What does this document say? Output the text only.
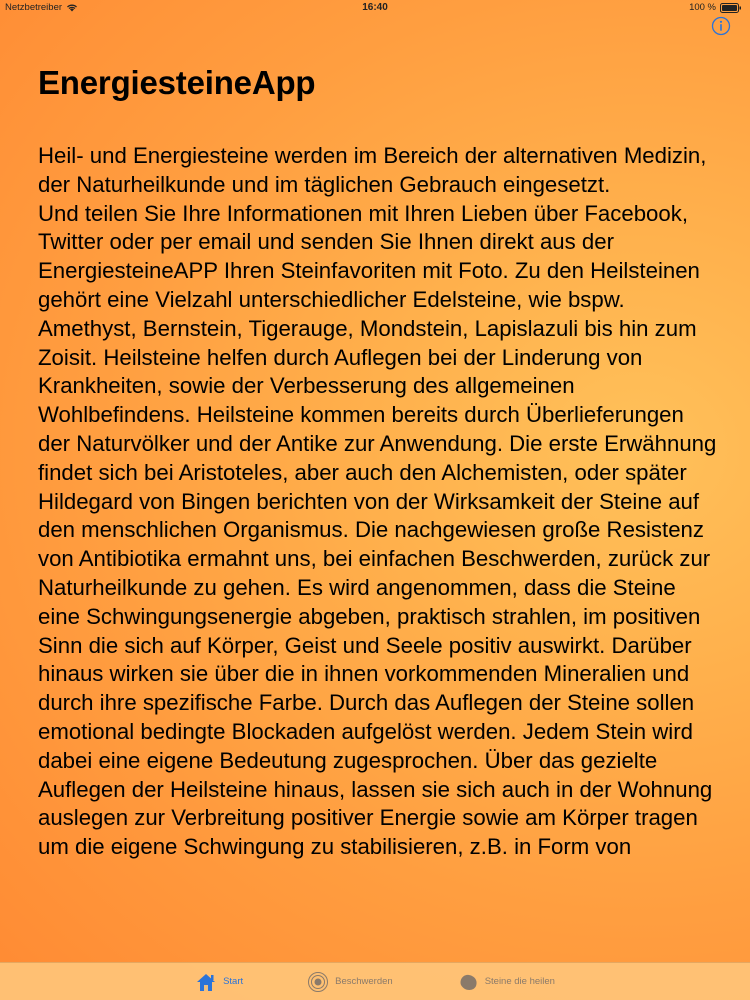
Netzbetreiber	16:40	100 %
EnergiesteineApp

Heil- und Energiesteine werden im Bereich der alternativen Medizin, der Naturheilkunde und im täglichen Gebrauch eingesetzt.
Und teilen Sie Ihre Informationen mit Ihren Lieben über Facebook, Twitter oder per email und senden Sie Ihnen direkt aus der EnergiesteineAPP Ihren Steinfavoriten mit Foto. Zu den Heilsteinen gehört eine Vielzahl unterschiedlicher Edelsteine, wie bspw. Amethyst, Bernstein, Tigerauge, Mondstein, Lapislazuli bis hin zum Zoisit. Heilsteine helfen durch Auflegen bei der Linderung von Krankheiten, sowie der Verbesserung des allgemeinen Wohlbefindens. Heilsteine kommen bereits durch Überlieferungen der Naturvölker und der Antike zur Anwendung. Die erste Erwähnung findet sich bei Aristoteles, aber auch den Alchemisten, oder später Hildegard von Bingen berichten von der Wirksamkeit der Steine auf den menschlichen Organismus. Die nachgewiesen große Resistenz von Antibiotika ermahnt uns, bei einfachen Beschwerden, zurück zur Naturheilkunde zu gehen. Es wird angenommen, dass die Steine eine Schwingungsenergie abgeben, praktisch strahlen, im positiven Sinn die sich auf Körper, Geist und Seele positiv auswirkt. Darüber hinaus wirken sie über die in ihnen vorkommenden Mineralien und durch ihre spezifische Farbe. Durch das Auflegen der Steine sollen emotional bedingte Blockaden aufgelöst werden. Jedem Stein wird dabei eine eigene Bedeutung zugesprochen. Über das gezielte Auflegen der Heilsteine hinaus, lassen sie sich auch in der Wohnung auslegen zur Verbreitung positiver Energie sowie am Körper tragen um die eigene Schwingung zu stabilisieren, z.B. in Form von

Start	Beschwerden	Steine die heilen
